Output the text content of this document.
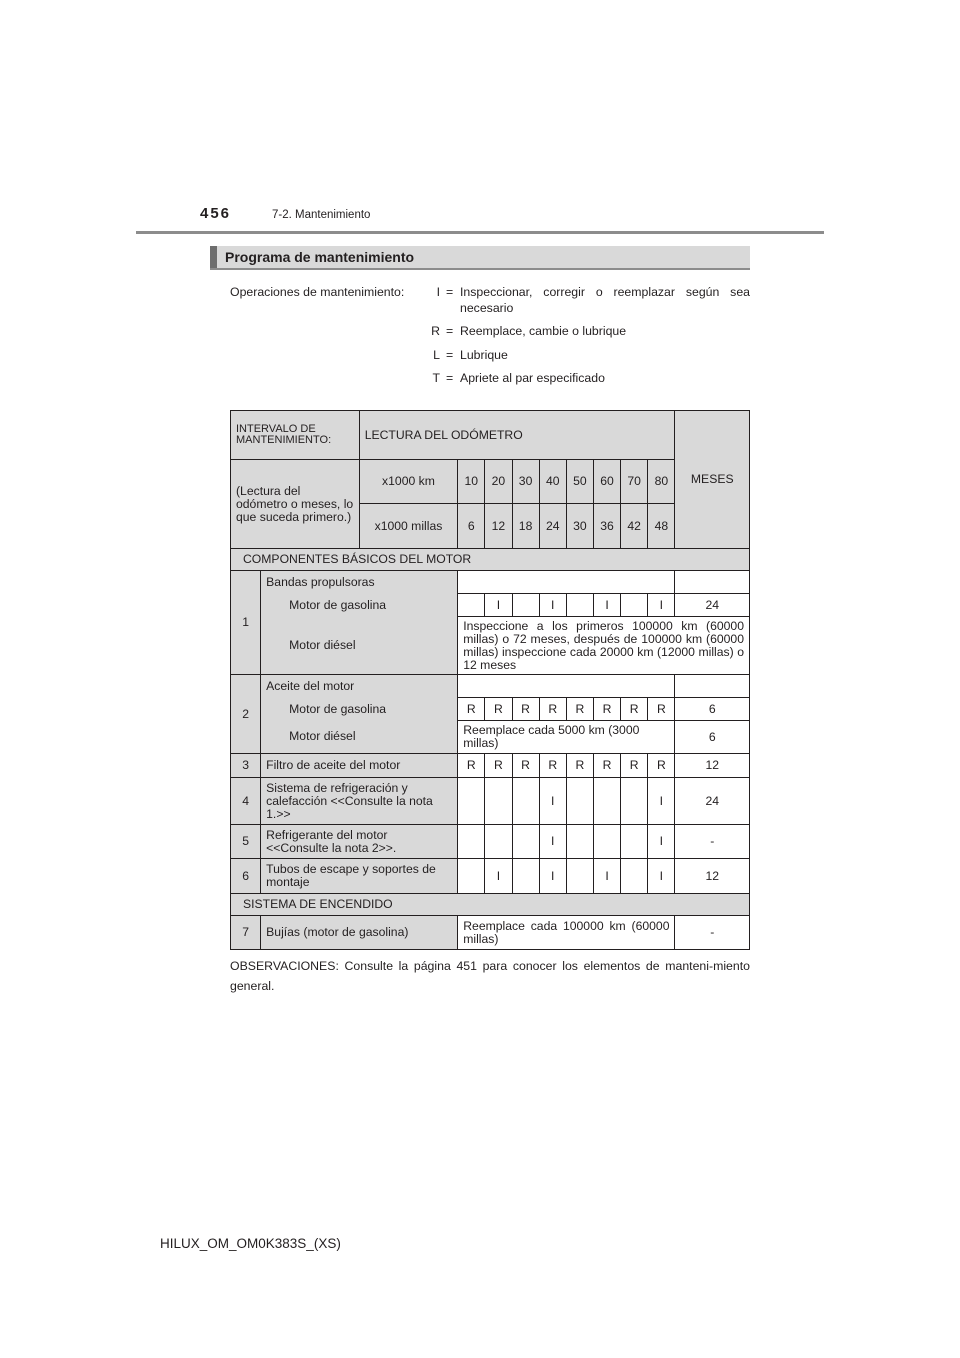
456	7-2. Mantenimiento
Programa de mantenimiento
Operaciones de mantenimiento:	I = Inspeccionar, corregir o reemplazar según sea necesario
R = Reemplace, cambie o lubrique
L = Lubrique
T = Apriete al par especificado
INTERVALO DE MANTENIMIENTO:		LECTURA DEL ODÓMETRO									MESES
(Lectura del odómetro o meses, lo que suceda primero.)		x1000 km	10	20	30	40	50	60	70	80	
		x1000 millas	6	12	18	24	30	36	42	48	
COMPONENTES BÁSICOS DEL MOTOR											
1	Bandas propulsoras										
	Motor de gasolina			I		I		I		I	24
	Motor diésel		Inspeccione a los primeros 100000 km (60000 millas) o 72 meses, después de 100000 km (60000 millas) inspeccione cada 20000 km (12000 millas) o 12 meses								
2	Aceite del motor										
	Motor de gasolina		R	R	R	R	R	R	R	R	6
	Motor diésel		Reemplace cada 5000 km (3000 millas)								6
3	Filtro de aceite del motor		R	R	R	R	R	R	R	R	12
4	Sistema de refrigeración y calefacción <<Consulte la nota 1.>>					I				I	24
5	Refrigerante del motor <<Consulte la nota 2>>.					I				I	-
6	Tubos de escape y soportes de montaje			I		I		I		I	12
SISTEMA DE ENCENDIDO											
7	Bujías (motor de gasolina)		Reemplace cada 100000 km (60000 millas)								-
OBSERVACIONES: Consulte la página 451 para conocer los elementos de manteni-miento general.
HILUX_OM_OM0K383S_(XS)
